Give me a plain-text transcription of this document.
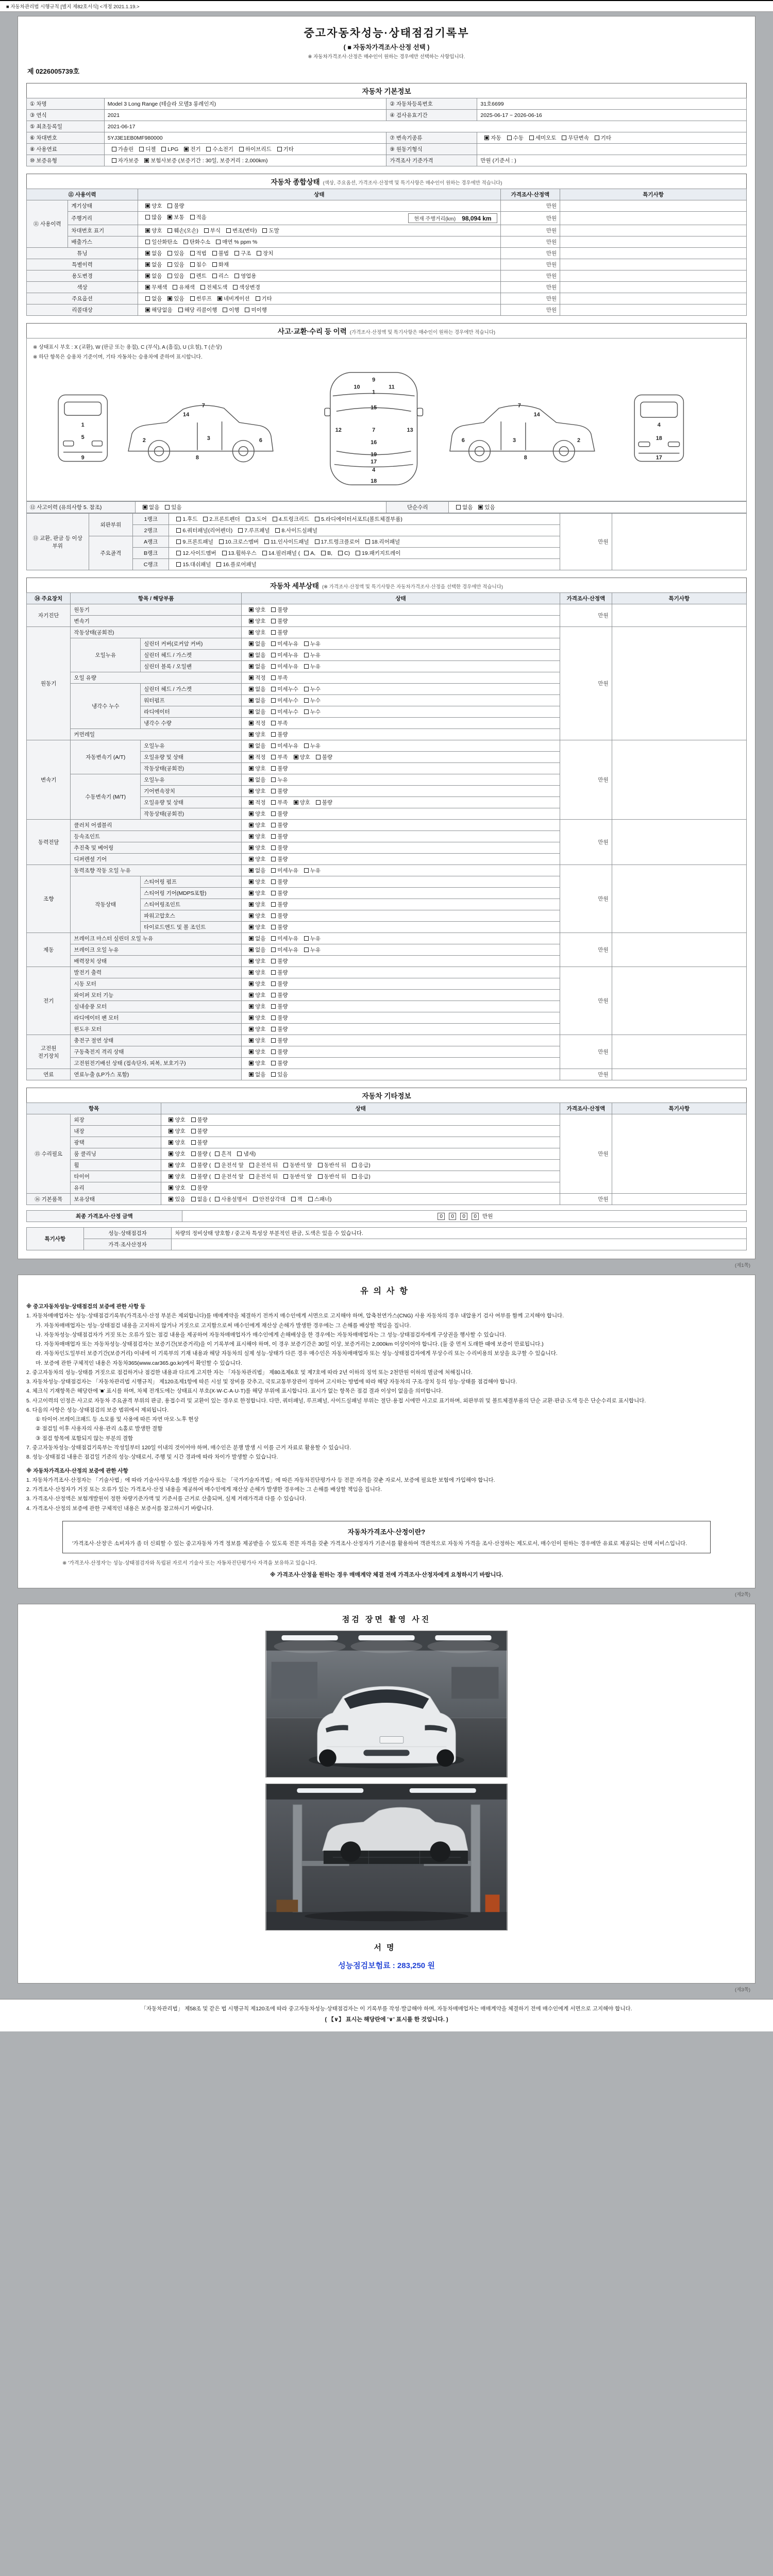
■ 자동차관리법 시행규칙 [별지 제82호서식] <개정 2021.1.19.>
중고자동차성능·상태점검기록부
( ■ 자동차가격조사·산정 선택 )
※ 자동차가격조사·산정은 매수인이 원하는 경우에만 선택하는 사항입니다.
제 0226005739호
자동차 기본정보
① 차명	Model 3 Long Range (테슬라 모델3 롱레인지)	② 자동차등록번호	31호6699
③ 연식	2021	④ 검사유효기간	2025-06-17 ~ 2026-06-16
⑤ 최초등록일	2021-06-17		
⑥ 차대번호	5YJ3E1EB0MF980000	⑦ 변속기종류	자동 수동 세미오토 무단변속 기타
⑧ 사용연료	가솔린 디젤 LPG 전기 수소전기 하이브리드 기타	⑨ 원동기형식	
⑩ 보증유형	자가보증 보험사보증 (보증기간 : 30일, 보증거리 : 2,000km)	가격조사 기준가격	만원 (기준서 : )
자동차 종합상태 (색상, 주요옵션, 가격조사·산정액 및 특기사항은 매수인이 원하는 경우에만 적습니다)
⑪ 사용이력		상태	가격조사·산정액	특기사항
⑪ 사용이력	계기상태	양호 불량	만원	
	주행거리	많음 보통 적음 현재 주행거리(km) 98,094 km	만원	
	차대번호 표기	양호 훼손(오손) 부식 변조(변타) 도말	만원	
	배출가스	일산화탄소 탄화수소 매연 % ppm %	만원	
튜닝		없음 있음 적법 불법 구조 장치	만원	
특별이력		없음 있음 침수 화재	만원	
용도변경		없음 있음 렌트 리스 영업용	만원	
색상		무채색 유채색 전체도색 색상변경	만원	
주요옵션		없음 있음 썬루프 네비게이션 기타	만원	
리콜대상		해당없음 해당 리콜이행 이행 미이행	만원	
사고·교환·수리 등 이력 (가격조사·산정액 및 특기사항은 매수인이 원하는 경우에만 적습니다)
※ 상태표시 부호 : X (교환), W (판금 또는 용접), C (부식), A (흠집), U (요철), T (손상)
※ 하단 항목은 승용차 기준이며, 기타 자동차는 승용차에 준하여 표시합니다.
1
5
9
2	3	6
7
8
14
9
10	11
1
15
7
12	13
16
19
17
4
18
3	2
6
7
8
14
4
18
17
⑫ 사고이력 (유의사항 5. 참조)	없음 있음	단순수리	없음 있음
⑬ 교환, 판금 등 이상 부위	외판부위	1랭크	1.후드 2.프론트펜더 3.도어 4.트렁크리드 5.라디에이터서포트(볼트체결부품)	만원	
		2랭크	6.쿼터패널(리어펜더) 7.루프패널 8.사이드실패널		
	주요골격	A랭크	9.프론트패널 10.크로스멤버 11.인사이드패널 17.트렁크플로어 18.리어패널		
		B랭크	12.사이드멤버 13.휠하우스 14.필러패널 ( A, B, C) 19.패키지트레이		
		C랭크	15.대쉬패널 16.플로어패널		
자동차 세부상태 (※ 가격조사·산정액 및 특기사항은 자동차가격조사·산정을 선택한 경우에만 적습니다)
⑭ 주요장치	항목 / 해당부품		상태	가격조사·산정액	특기사항
자기진단	원동기		양호 불량	만원	
	변속기		양호 불량		
원동기	작동상태(공회전)		양호 불량	만원	
	오일누유	실린더 커버(로커암 커버)	없음 미세누유 누유		
		실린더 헤드 / 가스켓	없음 미세누유 누유		
		실린더 블록 / 오일팬	없음 미세누유 누유		
	오일 유량		적정 부족		
	냉각수 누수	실린더 헤드 / 가스켓	없음 미세누수 누수		
		워터펌프	없음 미세누수 누수		
		라디에이터	없음 미세누수 누수		
		냉각수 수량	적정 부족		
	커먼레일		양호 불량		
변속기	자동변속기 (A/T)	오일누유	없음 미세누유 누유	만원	
		오일유량 및 상태	적정 부족 양호 불량		
		작동상태(공회전)	양호 불량		
	수동변속기 (M/T)	오일누유	없음 누유		
		기어변속장치	양호 불량		
		오일유량 및 상태	적정 부족 양호 불량		
		작동상태(공회전)	양호 불량		
동력전달	클러치 어셈블리		양호 불량	만원	
	등속조인트		양호 불량		
	추진축 및 베어링		양호 불량		
	디퍼렌셜 기어		양호 불량		
조향	동력조향 작동 오일 누유		없음 미세누유 누유	만원	
	작동상태	스티어링 펌프	양호 불량		
		스티어링 기어(MDPS포함)	양호 불량		
		스티어링조인트	양호 불량		
		파워고압호스	양호 불량		
		타이로드엔드 및 볼 조인트	양호 불량		
제동	브레이크 마스터 실린더 오일 누유		없음 미세누유 누유	만원	
	브레이크 오일 누유		없음 미세누유 누유		
	배력장치 상태		양호 불량		
전기	발전기 출력		양호 불량	만원	
	시동 모터		양호 불량		
	와이퍼 모터 기능		양호 불량		
	실내송풍 모터		양호 불량		
	라디에이터 팬 모터		양호 불량		
	윈도우 모터		양호 불량		
고전원 전기장치	충전구 절연 상태		양호 불량	만원	
	구동축전지 격리 상태		양호 불량		
	고전원전기배선 상태 (접속단자, 피복, 보호기구)		양호 불량		
연료	연료누출 (LP가스 포함)		없음 있음	만원	
자동차 기타정보
항목		상태	가격조사·산정액	특기사항
⑮ 수리필요	외장	양호 불량	만원	
	내장	양호 불량		
	광택	양호 불량		
	룸 클리닝	양호 불량 ( 흔적 냄새)		
	휠	양호 불량 ( 운전석 앞 운전석 뒤 동반석 앞 동반석 뒤 응급)		
	타이어	양호 불량 ( 운전석 앞 운전석 뒤 동반석 앞 동반석 뒤 응급)		
	유리	양호 불량		
⑯ 기본품목	보유상태	있음 없음 ( 사용설명서 안전삼각대 잭 스패너)	만원	
최종 가격조사·산정 금액	0 0 0 0 만원
특기사항	성능·상태점검자	차량의 정비상태 양호함 / 중고차 특성상 부분적인 판금, 도색은 있을 수 있습니다.
	가격·조사산정자	
(제1쪽)
유의사항
※ 중고자동차성능·상태점검의 보증에 관한 사항 등
1. 자동차매매업자는 성능·상태점검기록부(가격조사·산정 부분은 제외합니다)를 매매계약을 체결하기 전까지 매수인에게 서면으로 고지해야 하며, 압축천연가스(CNG) 사용 자동차의 경우 내압용기 검사 여부를 함께 고지해야 합니다.
가. 자동차매매업자는 성능·상태점검 내용을 고지하지 않거나 거짓으로 고지함으로써 매수인에게 재산상 손해가 발생한 경우에는 그 손해를 배상할 책임을 집니다.
나. 자동차성능·상태점검자가 거짓 또는 오류가 있는 점검 내용을 제공하여 자동차매매업자가 매수인에게 손해배상을 한 경우에는 자동차매매업자는 그 성능·상태점검자에게 구상권을 행사할 수 있습니다.
다. 자동차매매업자 또는 자동차성능·상태점검자는 보증기간(보증거리)을 이 기록부에 표시해야 하며, 이 경우 보증기간은 30일 이상, 보증거리는 2,000km 이상이어야 합니다. (둘 중 먼저 도래한 때에 보증이 만료됩니다.)
라. 자동차인도일부터 보증기간(보증거리) 이내에 이 기록부의 기재 내용과 해당 자동차의 실제 성능·상태가 다른 경우 매수인은 자동차매매업자 또는 성능·상태점검자에게 무상수리 또는 수리비용의 보상을 요구할 수 있습니다.
마. 보증에 관한 구체적인 내용은 자동차365(www.car365.go.kr)에서 확인할 수 있습니다.
2. 중고자동차의 성능·상태를 거짓으로 점검하거나 점검한 내용과 다르게 고지한 자는 「자동차관리법」 제80조제6호 및 제7호에 따라 2년 이하의 징역 또는 2천만원 이하의 벌금에 처해집니다.
3. 자동차성능·상태점검자는 「자동차관리법 시행규칙」 제120조제1항에 따른 시설 및 장비를 갖추고, 국토교통부장관이 정하여 고시하는 방법에 따라 해당 자동차의 구조·장치 등의 성능·상태를 점검해야 합니다.
4. 체크식 기재항목은 해당란에 '■' 표시를 하며, 차체 전개도에는 상태표시 부호(X·W·C·A·U·T)를 해당 부위에 표시합니다. 표시가 없는 항목은 점검 결과 이상이 없음을 의미합니다.
5. 사고이력의 인정은 사고로 자동차 주요골격 부위의 판금, 용접수리 및 교환이 있는 경우로 한정합니다. 다만, 쿼터패널, 루프패널, 사이드실패널 부위는 절단·용접 시에만 사고로 표기하며, 외판부위 및 볼트체결부품의 단순 교환·판금·도색 등은 단순수리로 표시합니다.
6. 다음의 사항은 성능·상태점검의 보증 범위에서 제외됩니다.
① 타이어·브레이크패드 등 소모품 및 사용에 따른 자연 마모·노후 현상
② 점검일 이후 사용자의 사용·관리 소홀로 발생한 결함
③ 점검 항목에 포함되지 않는 부분의 결함
7. 중고자동차성능·상태점검기록부는 작성일부터 120일 이내의 것이어야 하며, 매수인은 분쟁 발생 시 이를 근거 자료로 활용할 수 있습니다.
8. 성능·상태점검 내용은 점검일 기준의 성능·상태로서, 주행 및 시간 경과에 따라 차이가 발생할 수 있습니다.
※ 자동차가격조사·산정의 보증에 관한 사항
1. 자동차가격조사·산정자는 「기술사법」에 따라 기술사사무소를 개설한 기술사 또는 「국가기술자격법」에 따른 자동차진단평가사 등 전문 자격을 갖춘 자로서, 보증에 필요한 보험에 가입해야 합니다.
2. 가격조사·산정자가 거짓 또는 오류가 있는 가격조사·산정 내용을 제공하여 매수인에게 재산상 손해가 발생한 경우에는 그 손해를 배상할 책임을 집니다.
3. 가격조사·산정액은 보험개발원이 정한 차량기준가액 및 기준서를 근거로 산출되며, 실제 거래가격과 다를 수 있습니다.
4. 가격조사·산정의 보증에 관한 구체적인 내용은 보증서를 참고하시기 바랍니다.
자동차가격조사·산정이란?
'가격조사·산정'은 소비자가 좀 더 신뢰할 수 있는 중고자동차 가격 정보를 제공받을 수 있도록 전문 자격을 갖춘 가격조사·산정자가 기준서를 활용하여 객관적으로 자동차 가격을 조사·산정하는 제도로서, 매수인이 원하는 경우에만 유료로 제공되는 선택 서비스입니다.
※ '가격조사·산정자'는 성능·상태점검자와 독립된 자로서 기술사 또는 자동차진단평가사 자격을 보유하고 있습니다.
※ 가격조사·산정을 원하는 경우 매매계약 체결 전에 가격조사·산정자에게 요청하시기 바랍니다.
(제2쪽)
점검 장면 촬영 사진
서명
성능점검보험료 : 283,250 원
(제3쪽)
「자동차관리법」 제58조 및 같은 법 시행규칙 제120조에 따라 중고자동차성능·상태점검자는 이 기록부를 작성·발급해야 하며, 자동차매매업자는 매매계약을 체결하기 전에 매수인에게 서면으로 고지해야 합니다.
( 【∨】 표시는 해당란에 '∨' 표시를 한 것입니다. )
